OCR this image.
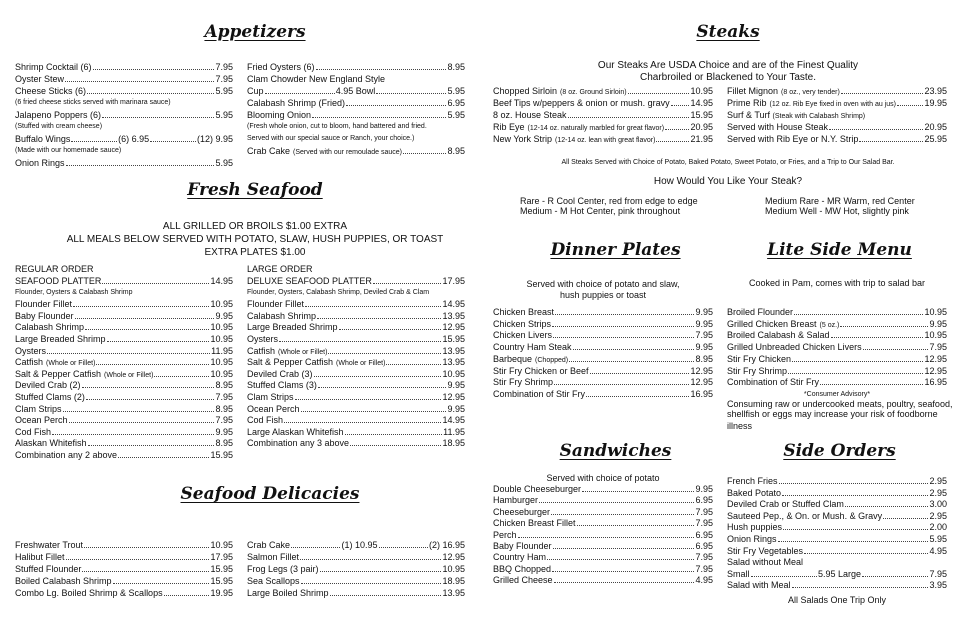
Appetizers
Shrimp Cocktail (6)	7.95
Oyster Stew	7.95
Cheese Sticks (6)	5.95
(6 fried cheese sticks served with marinara sauce)
Jalapeno Poppers (6)	5.95
(Stuffed with cream cheese)
Buffalo Wings	(6) 6.95	(12) 9.95
(Made with our homemade sauce)
Onion Rings	5.95
Fried Oysters (6)	8.95
Clam Chowder New England Style
Cup	4.95 Bowl	5.95
Calabash Shrimp (Fried)	6.95
Blooming Onion	5.95
(Fresh whole onion, cut to bloom, hand battered and fried.
Served with our special sauce or Ranch, your choice.)
Crab Cake (Served with our remoulade sauce)	8.95
Fresh Seafood
ALL GRILLED OR BROILS $1.00 EXTRA
ALL MEALS BELOW SERVED WITH POTATO, SLAW, HUSH PUPPIES, OR TOAST
EXTRA PLATES $1.00
REGULAR ORDER	LARGE ORDER
SEAFOOD PLATTER	14.95
Flounder, Oysters & Calabash Shrimp
Flounder Fillet	10.95
Baby Flounder	9.95
Calabash Shrimp	10.95
Large Breaded Shrimp	10.95
Oysters	11.95
Catfish (Whole or Fillet)	10.95
Salt & Pepper Catfish (Whole or Fillet)	10.95
Deviled Crab (2)	8.95
Stuffed Clams (2)	7.95
Clam Strips	8.95
Ocean Perch	7.95
Cod Fish	9.95
Alaskan Whitefish	8.95
Combination any 2 above	15.95
DELUXE SEAFOOD PLATTER	17.95
Flounder, Oysters, Calabash Shrimp, Deviled Crab & Clam
Flounder Fillet	14.95
Calabash Shrimp	13.95
Large Breaded Shrimp	12.95
Oysters	15.95
Catfish (Whole or Fillet)	13.95
Salt & Pepper Catfish (Whole or Fillet)	13.95
Deviled Crab (3)	10.95
Stuffed Clams (3)	9.95
Clam Strips	12.95
Ocean Perch	9.95
Cod Fish	14.95
Large Alaskan Whitefish	11.95
Combination any 3 above	18.95
Seafood Delicacies
Freshwater Trout	10.95
Halibut Fillet	17.95
Stuffed Flounder	15.95
Boiled Calabash Shrimp	15.95
Combo Lg. Boiled Shrimp & Scallops	19.95
Crab Cake	(1) 10.95	(2) 16.95
Salmon Fillet	12.95
Frog Legs (3 pair)	10.95
Sea Scallops	18.95
Large Boiled Shrimp	13.95
Steaks
Our Steaks Are USDA Choice and are of the Finest Quality
Charbroiled or Blackened to Your Taste.
Chopped Sirloin (8 oz. Ground Sirloin)	10.95
Beef Tips w/peppers & onion or mush. gravy 14.95
8 oz. House Steak	15.95
Rib Eye (12-14 oz. naturally marbled for great flavor)	20.95
New York Strip (12-14 oz. lean with great flavor)	21.95
Fillet Mignon (8 oz., very tender)	23.95
Prime Rib (12 oz. Rib Eye fixed in oven with au jus)	19.95
Surf & Turf (Steak with Calabash Shrimp)
Served with House Steak	20.95
Served with Rib Eye or N.Y. Strip	25.95
All Steaks Served with Choice of Potato, Baked Potato, Sweet Potato, or Fries, and a Trip to Our Salad Bar.
How Would You Like Your Steak?
Rare - R Cool Center, red from edge to edge
Medium - M Hot Center, pink throughout
Medium Rare - MR Warm, red Center
Medium Well - MW Hot, slightly pink
Dinner Plates
Served with choice of potato and slaw,
hush puppies or toast
Chicken Breast	9.95
Chicken Strips	9.95
Chicken Livers	7.95
Country Ham Steak	9.95
Barbeque (Chopped)	8.95
Stir Fry Chicken or Beef	12.95
Stir Fry Shrimp	12.95
Combination of Stir Fry	16.95
Lite Side Menu
Cooked in Pam, comes with trip to salad bar
Broiled Flounder	10.95
Grilled Chicken Breast (5 oz.)	9.95
Broiled Calabash & Salad	10.95
Grilled Unbreaded Chicken Livers	7.95
Stir Fry Chicken	12.95
Stir Fry Shrimp	12.95
Combination of Stir Fry	16.95
*Consumer Advisory*
Consuming raw or undercooked meats, poultry, seafood,
shellfish or eggs may increase your risk of foodborne illness
Sandwiches
Served with choice of potato
Double Cheeseburger	9.95
Hamburger	6.95
Cheeseburger	7.95
Chicken Breast Fillet	7.95
Perch	6.95
Baby Flounder	6.95
Country Ham	7.95
BBQ Chopped	7.95
Grilled Cheese	4.95
Side Orders
French Fries	2.95
Baked Potato	2.95
Deviled Crab or Stuffed Clam	3.00
Sauteed Pep., & On. or Mush. & Gravy	2.95
Hush puppies	2.00
Onion Rings	5.95
Stir Fry Vegetables	4.95
Salad without Meal
Small	5.95 Large	7.95
Salad with Meal	3.95
All Salads One Trip Only
